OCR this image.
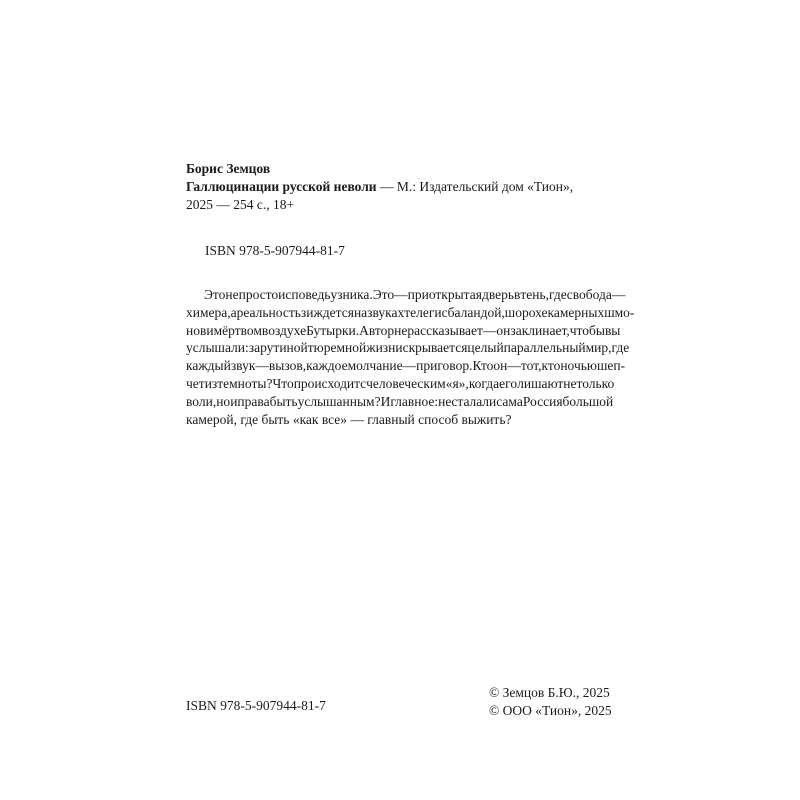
Борис Земцов
Галлюцинации русской неволи — М.: Издательский дом «Тион»,
2025 — 254 с., 18+
ISBN 978-5-907944-81-7
Это не просто исповедь узника. Это — приоткрытая дверь в тень, где свобода —
химера, а реальность зиждется на звуках телеги с баландой, шорохе камерных шмо-
нов и мёртвом воздухе Бутырки. Автор не рассказывает — он заклинает, чтобы вы
услышали: за рутиной тюремной жизни скрывается целый параллельный мир, где
каждый звук — вызов, каждое молчание — приговор. Кто он — тот, кто ночью шеп-
чет из темноты? Что происходит с человеческим «я», когда его лишают не только
воли, но и права быть услышанным? И главное: не стала ли сама Россия большой
камерой, где быть «как все» — главный способ выжить?
ISBN 978-5-907944-81-7
© Земцов Б.Ю., 2025
© ООО «Тион», 2025
